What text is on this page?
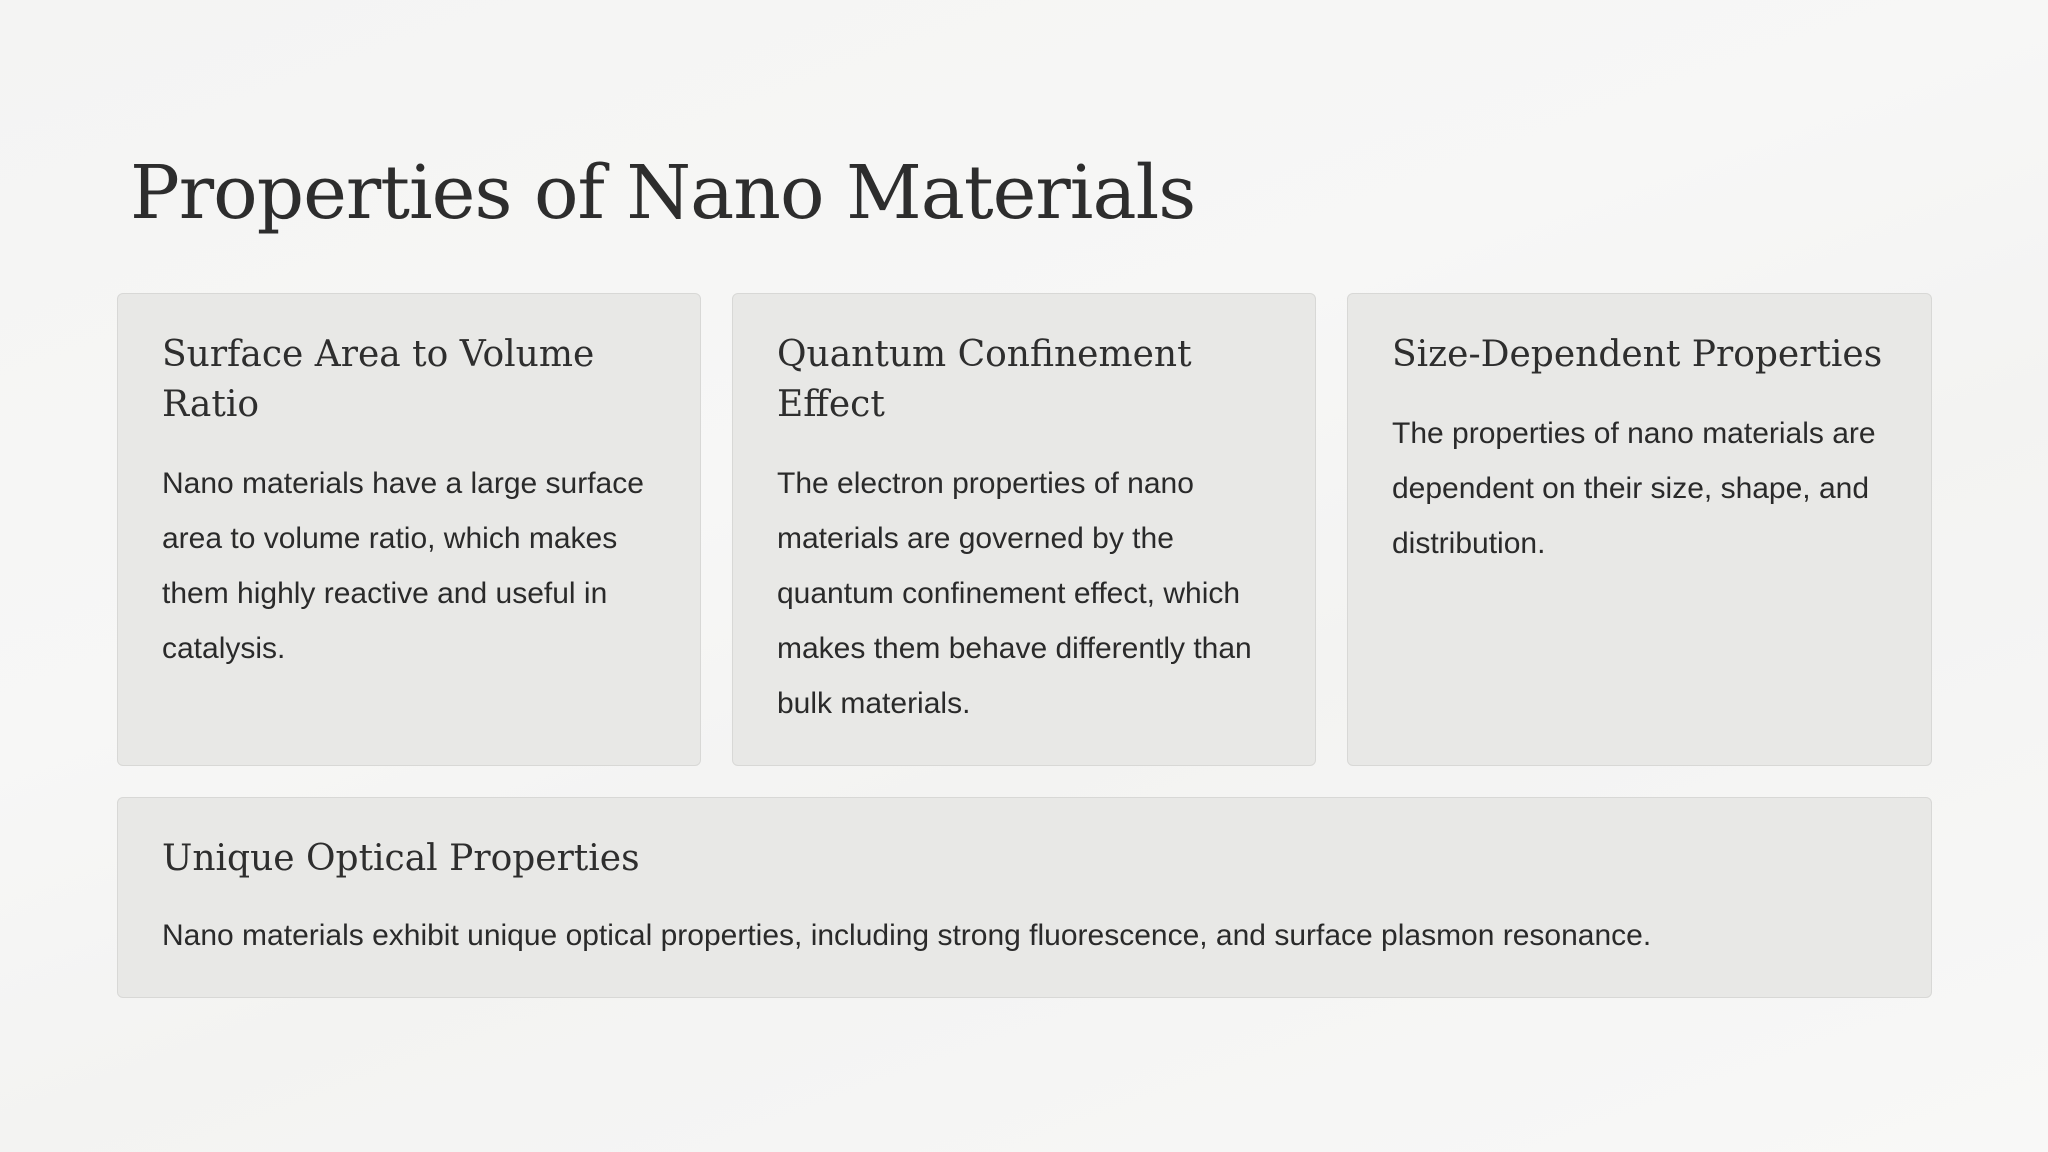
Properties of Nano Materials
Surface Area to Volume Ratio

Nano materials have a large surface area to volume ratio, which makes them highly reactive and useful in catalysis.

Quantum Confinement Effect

The electron properties of nano materials are governed by the quantum confinement effect, which makes them behave differently than bulk materials.

Size-Dependent Properties

The properties of nano materials are dependent on their size, shape, and distribution.

Unique Optical Properties

Nano materials exhibit unique optical properties, including strong fluorescence, and surface plasmon resonance.
